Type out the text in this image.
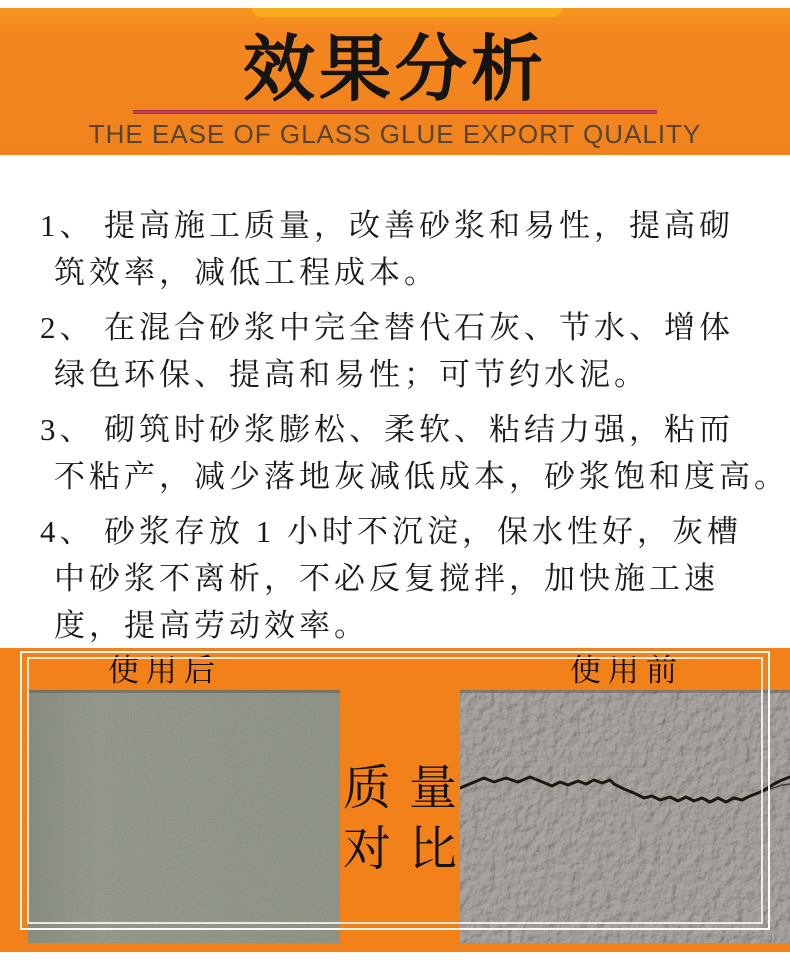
效果分析
THE EASE OF GLASS GLUE EXPORT QUALITY
1、 提高施工质量，改善砂浆和易性，提高砌
筑效率，减低工程成本。
2、 在混合砂浆中完全替代石灰、节水、增体
绿色环保、提高和易性；可节约水泥。
3、 砌筑时砂浆膨松、柔软、粘结力强，粘而
不粘产，减少落地灰减低成本，砂浆饱和度高。
4、 砂浆存放 1 小时不沉淀，保水性好，灰槽
中砂浆不离析，不必反复搅拌，加快施工速
度，提高劳动效率。
使用后	使用前
质 量
对 比
